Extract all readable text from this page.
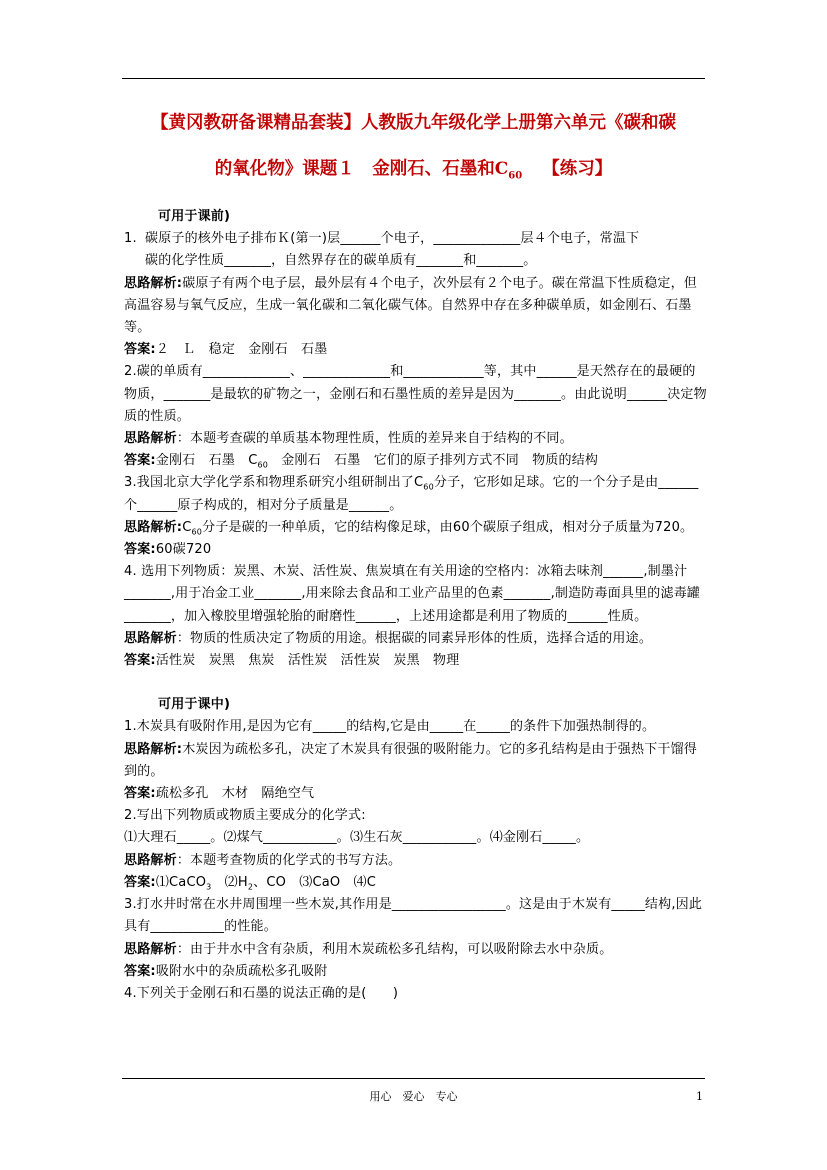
【黄冈教研备课精品套装】人教版九年级化学上册第六单元《碳和碳
的氧化物》课题１　金刚石、石墨和$C_{60}$ 【练习】

可用于课前)

1. 碳原子的核外电子排布Ｋ(第一)层______个电子，_____________层４个电子，常温下

碳的化学性质_______，自然界存在的碳单质有_______和_______。

思路解析:碳原子有两个电子层，最外层有４个电子，次外层有２个电子。碳在常温下性质稳定，但高温容易与氧气反应，生成一氧化碳和二氧化碳气体。自然界中存在多种碳单质，如金刚石、石墨等。

答案:２　Ｌ　稳定　金刚石　石墨

2.碳的单质有_____________、_____________和____________等，其中______是天然存在的最硬的物质，_______是最软的矿物之一，金刚石和石墨性质的差异是因为_______。由此说明______决定物质的性质。

思路解析：本题考查碳的单质基本物理性质，性质的差异来自于结构的不同。

答案:金刚石　石墨　$C_{60}$　金刚石　石墨　它们的原子排列方式不同　物质的结构

3.我国北京大学化学系和物理系研究小组研制出了$C_{60}$分子，它形如足球。它的一个分子是由______个______原子构成的，相对分子质量是______。

思路解析$:C_{60}$分子是碳的一种单质，它的结构像足球，由60个碳原子组成，相对分子质量为720。

答案:60碳720

4. 选用下列物质：炭黑、木炭、活性炭、焦炭填在有关用途的空格内：冰箱去味剂______,制墨汁_______,用于冶金工业_______,用来除去食品和工业产品里的色素_______,制造防毒面具里的滤毒罐_______，加入橡胶里增强轮胎的耐磨性______，上述用途都是利用了物质的______性质。

思路解析：物质的性质决定了物质的用途。根据碳的同素异形体的性质，选择合适的用途。

答案:活性炭　炭黑　焦炭　活性炭　活性炭　炭黑　物理

可用于课中)

1.木炭具有吸附作用,是因为它有_____的结构,它是由_____在_____的条件下加强热制得的。

思路解析:木炭因为疏松多孔，决定了木炭具有很强的吸附能力。它的多孔结构是由于强热下干馏得到的。

答案:疏松多孔　木材　隔绝空气

2.写出下列物质或物质主要成分的化学式:

⑴大理石_____。⑵煤气___________。⑶生石灰___________。⑷金刚石_____。

思路解析：本题考查物质的化学式的书写方法。

答案:⑴CaCO$_3$　$⑵H_2$、CO　⑶CaO　⑷C

3.打水井时常在水井周围埋一些木炭,其作用是_________________。这是由于木炭有_____结构,因此具有___________的性能。

思路解析：由于井水中含有杂质，利用木炭疏松多孔结构，可以吸附除去水中杂质。

答案:吸附水中的杂质疏松多孔吸附

4.下列关于金刚石和石墨的说法正确的是(　　)

用心　爱心　专心	1
